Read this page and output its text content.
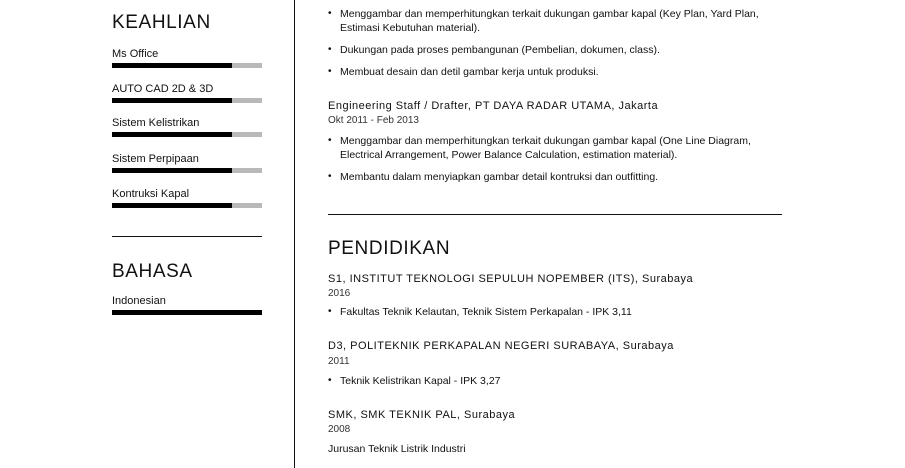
KEAHLIAN
Ms Office
AUTO CAD 2D & 3D
Sistem Kelistrikan
Sistem Perpipaan
Kontruksi Kapal
BAHASA
Indonesian
• Menggambar dan memperhitungkan terkait dukungan gambar kapal (Key Plan, Yard Plan, Estimasi Kebutuhan material).
• Dukungan pada proses pembangunan (Pembelian, dokumen, class).
• Membuat desain dan detil gambar kerja untuk produksi.
Engineering Staff / Drafter, PT DAYA RADAR UTAMA, Jakarta
Okt 2011 - Feb 2013
• Menggambar dan memperhitungkan terkait dukungan gambar kapal (One Line Diagram, Electrical Arrangement, Power Balance Calculation, estimation material).
• Membantu dalam menyiapkan gambar detail kontruksi dan outfitting.
PENDIDIKAN
S1, INSTITUT TEKNOLOGI SEPULUH NOPEMBER (ITS), Surabaya
2016
• Fakultas Teknik Kelautan, Teknik Sistem Perkapalan - IPK 3,11
D3, POLITEKNIK PERKAPALAN NEGERI SURABAYA, Surabaya
2011
• Teknik Kelistrikan Kapal - IPK 3,27
SMK, SMK TEKNIK PAL, Surabaya
2008
Jurusan Teknik Listrik Industri
